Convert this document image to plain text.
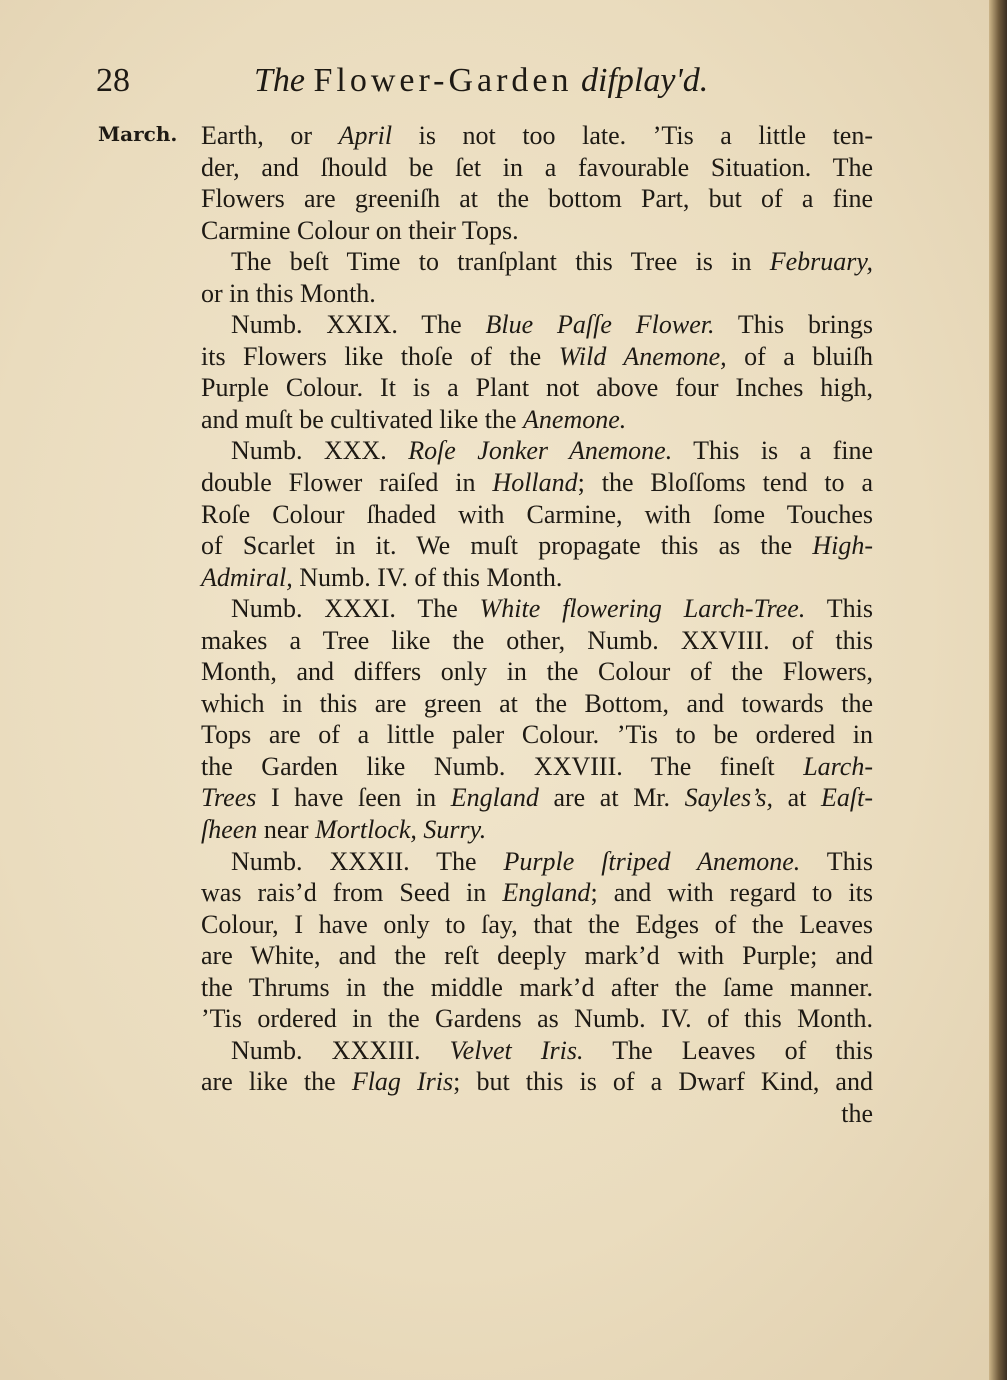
28	The Flower-Garden difplay'd.
March. Earth, or April is not too late. ’Tis a little ten-
der, and ſhould be ſet in a favourable Situation. The
Flowers are greeniſh at the bottom Part, but of a fine
Carmine Colour on their Tops.
The beſt Time to tranſplant this Tree is in February,
or in this Month.
Numb. XXIX. The Blue Paſſe Flower. This brings
its Flowers like thoſe of the Wild Anemone, of a bluiſh
Purple Colour. It is a Plant not above four Inches high,
and muſt be cultivated like the Anemone.
Numb. XXX. Roſe Jonker Anemone. This is a fine
double Flower raiſed in Holland; the Bloſſoms tend to a
Roſe Colour ſhaded with Carmine, with ſome Touches
of Scarlet in it. We muſt propagate this as the High-
Admiral, Numb. IV. of this Month.
Numb. XXXI. The White flowering Larch-Tree. This
makes a Tree like the other, Numb. XXVIII. of this
Month, and differs only in the Colour of the Flowers,
which in this are green at the Bottom, and towards the
Tops are of a little paler Colour. ’Tis to be ordered in
the Garden like Numb. XXVIII. The fineſt Larch-
Trees I have ſeen in England are at Mr. Sayles’s, at Eaſt-
ſheen near Mortlock, Surry.
Numb. XXXII. The Purple ſtriped Anemone. This
was rais’d from Seed in England; and with regard to its
Colour, I have only to ſay, that the Edges of the Leaves
are White, and the reſt deeply mark’d with Purple; and
the Thrums in the middle mark’d after the ſame manner.
’Tis ordered in the Gardens as Numb. IV. of this Month.
Numb. XXXIII. Velvet Iris. The Leaves of this
are like the Flag Iris; but this is of a Dwarf Kind, and
the
